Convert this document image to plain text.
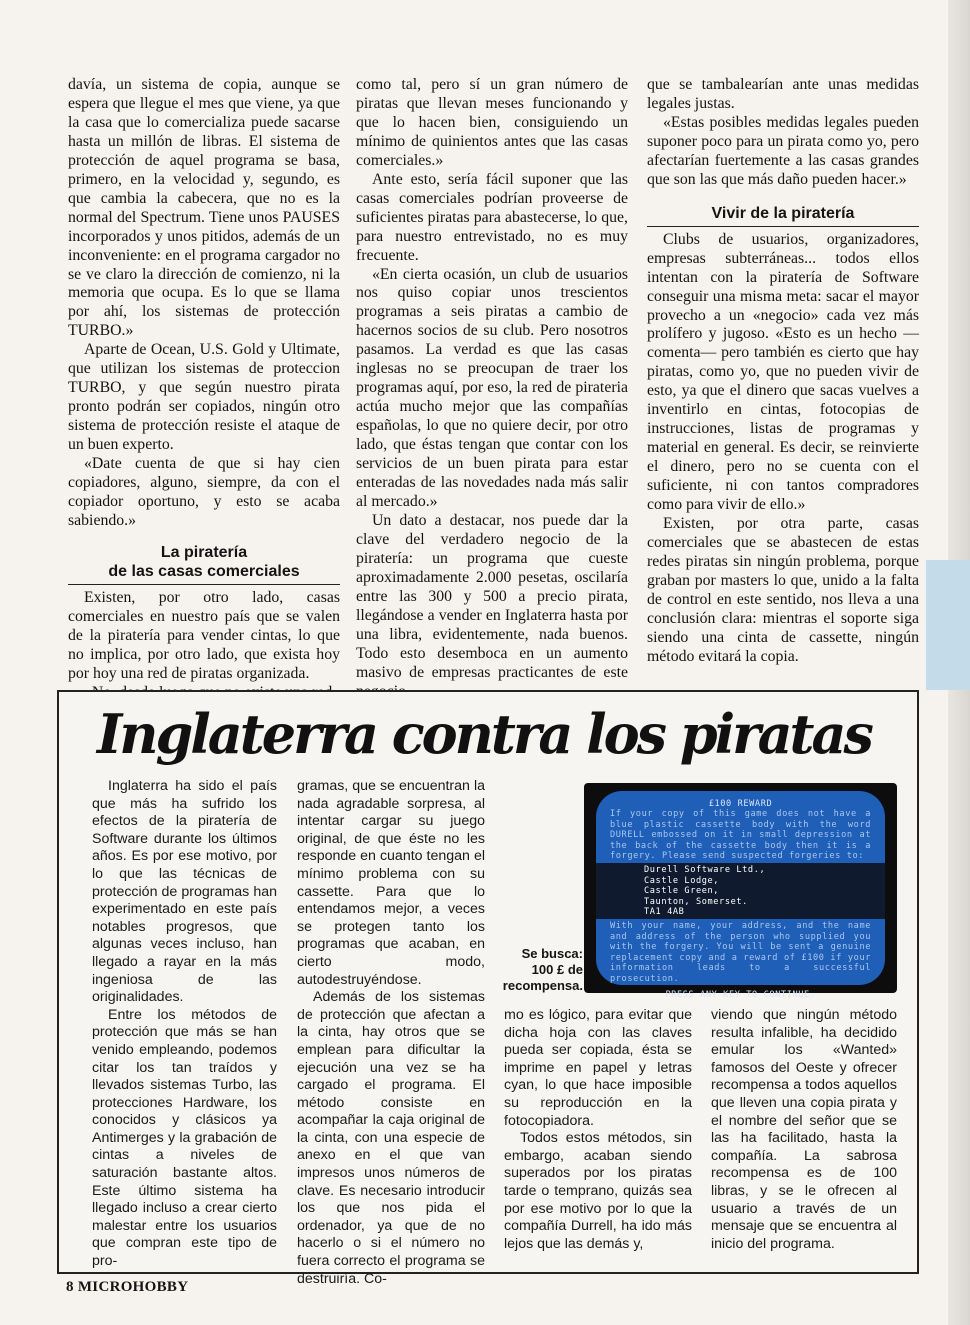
davía, un sistema de copia, aunque se espera que llegue el mes que viene, ya que la casa que lo comercializa puede sacarse hasta un millón de libras. El sistema de protección de aquel programa se basa, primero, en la velocidad y, segundo, es que cambia la cabecera, que no es la normal del Spectrum. Tiene unos PAUSES incorporados y unos pitidos, además de un inconveniente: en el programa cargador no se ve claro la dirección de comienzo, ni la memoria que ocupa. Es lo que se llama por ahí, los sistemas de protección TURBO.»

Aparte de Ocean, U.S. Gold y Ultimate, que utilizan los sistemas de proteccion TURBO, y que según nuestro pirata pronto podrán ser copiados, ningún otro sistema de protección resiste el ataque de un buen experto.

«Date cuenta de que si hay cien copiadores, alguno, siempre, da con el copiador oportuno, y esto se acaba sabiendo.»

La piratería
de las casas comerciales

Existen, por otro lado, casas comerciales en nuestro país que se valen de la piratería para vender cintas, lo que no implica, por otro lado, que exista hoy por hoy una red de piratas organizada.

como tal, pero sí un gran número de piratas que llevan meses funcionando y que lo hacen bien, consiguiendo un mínimo de quinientos antes que las casas comerciales.»

Ante esto, sería fácil suponer que las casas comerciales podrían proveerse de suficientes piratas para abastecerse, lo que, para nuestro entrevistado, no es muy frecuente.

«En cierta ocasión, un club de usuarios nos quiso copiar unos trescientos programas a seis piratas a cambio de hacernos socios de su club. Pero nosotros pasamos. La verdad es que las casas inglesas no se preocupan de traer los programas aquí, por eso, la red de pirateria actúa mucho mejor que las compañías españolas, lo que no quiere decir, por otro lado, que éstas tengan que contar con los servicios de un buen pirata para estar enteradas de las novedades nada más salir al mercado.»

Un dato a destacar, nos puede dar la clave del verdadero negocio de la piratería: un programa que cueste aproximadamente 2.000 pesetas, oscilaría entre las 300 y 500 a precio pirata, llegándose a vender en Inglaterra hasta por una libra, evidentemente, nada buenos. Todo esto desemboca en un aumento masivo de empresas practicantes de este

que se tambalearían ante unas medidas legales justas.

«Estas posibles medidas legales pueden suponer poco para un pirata como yo, pero afectarían fuertemente a las casas grandes que son las que más daño pueden hacer.»

Vivir de la piratería

Clubs de usuarios, organizadores, empresas subterráneas... todos ellos intentan con la piratería de Software conseguir una misma meta: sacar el mayor provecho a un «negocio» cada vez más prolífero y jugoso. «Esto es un hecho —comenta— pero también es cierto que hay piratas, como yo, que no pueden vivir de esto, ya que el dinero que sacas vuelves a inventirlo en cintas, fotocopias de instrucciones, listas de programas y material en general. Es decir, se reinvierte el dinero, pero no se cuenta con el suficiente, ni con tantos compradores como para vivir de ello.»

Existen, por otra parte, casas comerciales que se abastecen de estas redes piratas sin ningún problema, porque graban por masters lo que, unido a la falta de control en este sentido, nos lleva a una conclusión clara: mientras el soporte siga siendo una cinta de cassette, ningún método evitará la copia.

Inglaterra contra los piratas

Inglaterra ha sido el país que más ha sufrido los efectos de la piratería de Software durante los últimos años. Es por ese motivo, por lo que las técnicas de protección de programas han experimentado en este país notables progresos, que algunas veces incluso, han llegado a rayar en la más ingeniosa de las originalidades.

Entre los métodos de protección que más se han venido empleando, podemos citar los tan traídos y llevados sistemas Turbo, las protecciones Hardware, los conocidos y clásicos ya Antimerges y la grabación de cintas a niveles de saturación bastante altos. Este último sistema ha llegado incluso a crear cierto malestar entre los usuarios que compran este tipo de pro-

gramas, que se encuentran la nada agradable sorpresa, al intentar cargar su juego original, de que éste no les responde en cuanto tengan el mínimo problema con su cassette. Para que lo entendamos mejor, a veces se protegen tanto los programas que acaban, en cierto modo, autodestruyéndose.

Además de los sistemas de protección que afectan a la cinta, hay otros que se emplean para dificultar la ejecución una vez se ha cargado el programa. El método consiste en acompañar la caja original de la cinta, con una especie de anexo en el que van impresos unos números de clave. Es necesario introducir los que nos pida el ordenador, ya que de no hacerlo o si el número no fuera correcto el programa se destruiría. Co-

Se busca: 100 £ de recompensa.
£100 REWARD
If your copy of this game does not have a blue plastic cassette body with the word DURELL embossed on it in small depression at the back of the cassette body then it is a forgery. Please send suspected forgeries to:
Durell Software Ltd.,
Castle Lodge,
Castle Green,
Taunton, Somerset.
TA1 4AB
With your name, your address, and the name and address of the person who supplied you with the forgery. You will be sent a genuine replacement copy and a reward of £100 if your information leads to a successful prosecution.
PRESS ANY KEY TO CONTINUE.

mo es lógico, para evitar que dicha hoja con las claves pueda ser copiada, ésta se imprime en papel y letras cyan, lo que hace imposible su reproducción en la fotocopiadora.

Todos estos métodos, sin embargo, acaban siendo superados por los piratas tarde o temprano, quizás sea por ese motivo por lo que la compañía Durrell, ha ido más lejos que las demás y,

viendo que ningún método resulta infalible, ha decidido emular los «Wanted» famosos del Oeste y ofrecer recompensa a todos aquellos que lleven una copia pirata y el nombre del señor que se las ha facilitado, hasta la compañía. La sabrosa recompensa es de 100 libras, y se le ofrecen al usuario a través de un mensaje que se encuentra al inicio del programa.

8 MICROHOBBY
